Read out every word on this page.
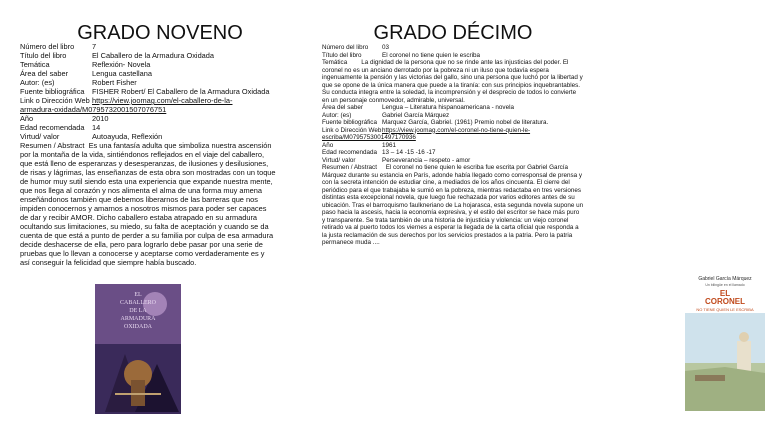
GRADO NOVENO
Número del libro	7
Título del libro	El Caballero de la Armadura Oxidada
Temática	Reflexión- Novela
Área del saber	Lengua castellana
Autor: (es)	Robert Fisher
Fuente bibliográfica	FISHER Robert/ El Caballero de la Armadura Oxidada
Link o Dirección Web https://view.joomag.com/el-caballero-de-la-
armadura-oxidada/M0795732001507076751
Año	2010
Edad recomendada	14
Virtud/ valor	Autoayuda, Reflexión
Resumen / Abstract Es una fantasía adulta que simboliza nuestra ascensión por la montaña de la vida, sintiéndonos reflejados en el viaje del caballero, que está lleno de esperanzas y desesperanzas, de ilusiones y desilusiones, de risas y lágrimas, las enseñanzas de esta obra son mostradas con un toque de humor muy sutil siendo esta una experiencia que expande nuestra mente, que nos llega al corazón y nos alimenta el alma de una forma muy amena enseñándonos también que debemos liberarnos de las barreras que nos impiden conocernos y amarnos a nosotros mismos para poder ser capaces de dar y recibir AMOR. Dicho caballero estaba atrapado en su armadura ocultando sus limitaciones, su miedo, su falta de aceptación y cuando se da cuenta de que está a punto de perder a su familia por culpa de esa armadura decide deshacerse de ella, pero para lograrlo debe pasar por una serie de pruebas que lo llevan a conocerse y aceptarse como verdaderamente es y así conseguir la felicidad que siempre había buscado.
EL
CABALLERO
DE LA
ARMADURA
OXIDADA
GRADO DÉCIMO
Número del libro	03
Título del libro	El coronel no tiene quien le escriba
Temática La dignidad de la persona que no se rinde ante las injusticias del poder. El coronel no es un anciano derrotado por la pobreza ni un iluso que todavía espera ingenuamente la pensión y las victorias del gallo, sino una persona que luchó por la libertad y que se opone de la única manera que puede a la tiranía: con sus principios inquebrantables. Su conducta integra entre la soledad, la incomprensión y el desprecio de todos lo convierte en un personaje conmovedor, admirable, universal.
Área del saber	Lengua – Literatura hispanoamericana - novela
Autor: (es)	Gabriel García Márquez
Fuente bibliográfica Marquez García, Gabriel. (1961) Premio nobel de literatura.
Link o Dirección Web https://view.joomag.com/el-coronel-no-tiene-quien-le-
escriba/M0795753001497170936
Año	1961
Edad recomendada 13 – 14 -15 -16 -17
Virtud/ valor	Perseverancia – respeto - amor
Resumen / Abstract El coronel no tiene quien le escriba fue escrita por Gabriel García Márquez durante su estancia en París, adonde había llegado como corresponsal de prensa y con la secreta intención de estudiar cine, a mediados de los años cincuenta. El cierre del periódico para el que trabajaba le sumió en la pobreza, mientras redactaba en tres versiones distintas esta excepcional novela, que luego fue rechazada por varios editores antes de su ubicación. Tras el barroquismo faulkneriano de La hojarasca, esta segunda novela supone un paso hacia la ascesis, hacia la economía expresiva, y el estilo del escritor se hace más puro y transparente. Se trata también de una historia de injusticia y violencia: un viejo coronel retirado va al puerto todos los viernes a esperar la llegada de la carta oficial que responda a la justa reclamación de sus derechos por los servicios prestados a la patria. Pero la patria permanece muda ....
Gabriel García Márquez
Un bilingüe en el llamado
EL
CORONEL
NO TIENE QUIEN LE ESCRIBA
